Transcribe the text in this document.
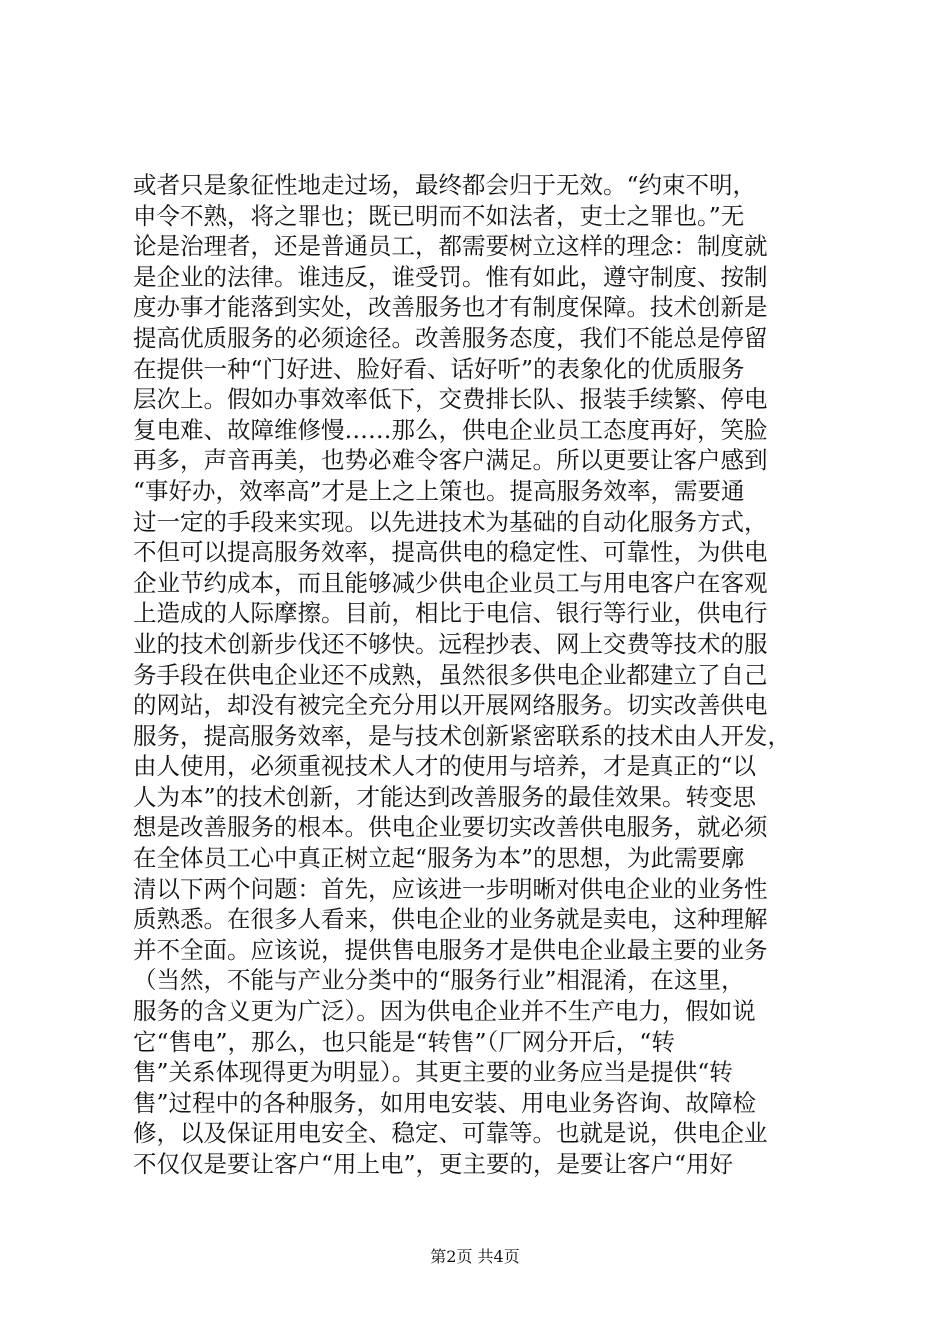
或者只是象征性地走过场，最终都会归于无效。“约束不明，
申令不熟，将之罪也；既已明而不如法者，吏士之罪也。”无
论是治理者，还是普通员工，都需要树立这样的理念：制度就
是企业的法律。谁违反，谁受罚。惟有如此，遵守制度、按制
度办事才能落到实处，改善服务也才有制度保障。技术创新是
提高优质服务的必须途径。改善服务态度，我们不能总是停留
在提供一种“门好进、脸好看、话好听”的表象化的优质服务
层次上。假如办事效率低下，交费排长队、报装手续繁、停电
复电难、故障维修慢……那么，供电企业员工态度再好，笑脸
再多，声音再美，也势必难令客户满足。所以更要让客户感到
“事好办，效率高”才是上之上策也。提高服务效率，需要通
过一定的手段来实现。以先进技术为基础的自动化服务方式，
不但可以提高服务效率，提高供电的稳定性、可靠性，为供电
企业节约成本，而且能够减少供电企业员工与用电客户在客观
上造成的人际摩擦。目前，相比于电信、银行等行业，供电行
业的技术创新步伐还不够快。远程抄表、网上交费等技术的服
务手段在供电企业还不成熟，虽然很多供电企业都建立了自己
的网站，却没有被完全充分用以开展网络服务。切实改善供电
服务，提高服务效率，是与技术创新紧密联系的技术由人开发，
由人使用，必须重视技术人才的使用与培养，才是真正的“以
人为本”的技术创新，才能达到改善服务的最佳效果。转变思
想是改善服务的根本。供电企业要切实改善供电服务，就必须
在全体员工心中真正树立起“服务为本”的思想，为此需要廓
清以下两个问题：首先，应该进一步明晰对供电企业的业务性
质熟悉。在很多人看来，供电企业的业务就是卖电，这种理解
并不全面。应该说，提供售电服务才是供电企业最主要的业务
（当然，不能与产业分类中的“服务行业”相混淆，在这里，
服务的含义更为广泛）。因为供电企业并不生产电力，假如说
它“售电”，那么，也只能是“转售”（厂网分开后，“转
售”关系体现得更为明显）。其更主要的业务应当是提供“转
售”过程中的各种服务，如用电安装、用电业务咨询、故障检
修，以及保证用电安全、稳定、可靠等。也就是说，供电企业
不仅仅是要让客户“用上电”，更主要的，是要让客户“用好
第2页 共4页
